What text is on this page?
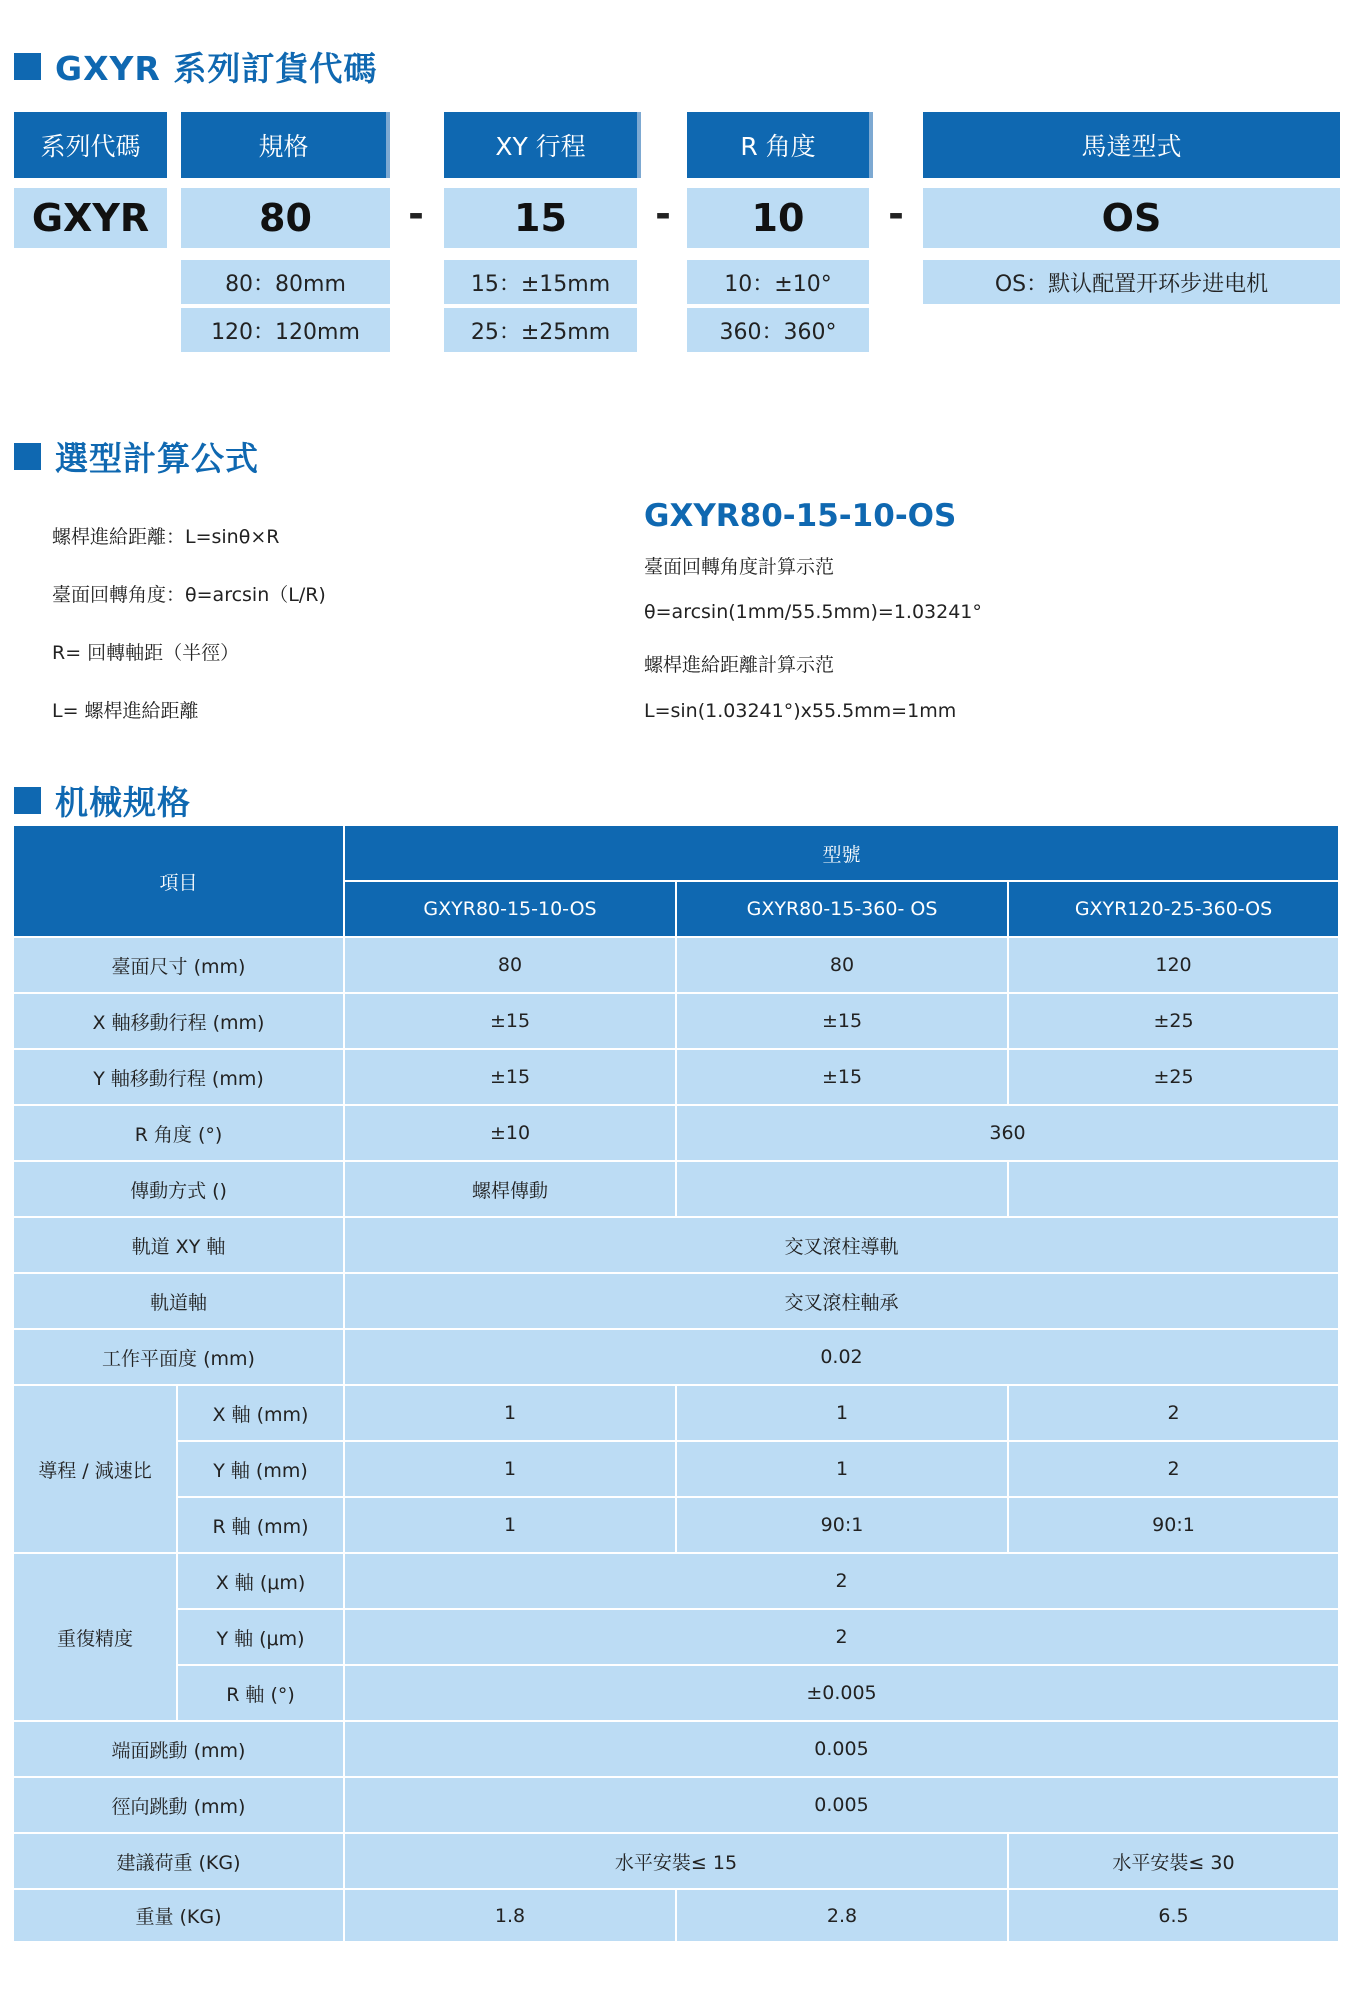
GXYR 系列訂貨代碼
系列代碼	規格	XY 行程	R 角度	馬達型式
GXYR	80	-	15	-	10	-	OS
80：80mm
120：120mm
15：±15mm
25：±25mm
10：±10°
360：360°
OS：默认配置开环步进电机
選型計算公式
螺桿進給距離：L=sinθ×R
臺面回轉角度：θ=arcsin（L/R)
R= 回轉軸距（半徑）
L= 螺桿進給距離
GXYR80-15-10-OS
臺面回轉角度計算示范
θ=arcsin(1mm/55.5mm)=1.03241°
螺桿進給距離計算示范
L=sin(1.03241°)x55.5mm=1mm
机械规格
項目
型號
GXYR80-15-10-OS	GXYR80-15-360- OS	GXYR120-25-360-OS
臺面尺寸 (mm)	80	80	120
X 軸移動行程 (mm)	±15	±15	±25
Y 軸移動行程 (mm)	±15	±15	±25
R 角度 (°)	±10	360
傳動方式 ()	螺桿傳動
軌道 XY 軸	交叉滾柱導軌
軌道軸	交叉滾柱軸承
工作平面度 (mm)	0.02
導程 / 減速比
X 軸 (mm)	1	1	2
Y 軸 (mm)	1	1	2
R 軸 (mm)	1	90:1	90:1
重復精度
X 軸 (μm)	2
Y 軸 (μm)	2
R 軸 (°)	±0.005
端面跳動 (mm)	0.005
徑向跳動 (mm)	0.005
建議荷重 (KG)	水平安裝≤ 15	水平安裝≤ 30
重量 (KG)	1.8	2.8	6.5
